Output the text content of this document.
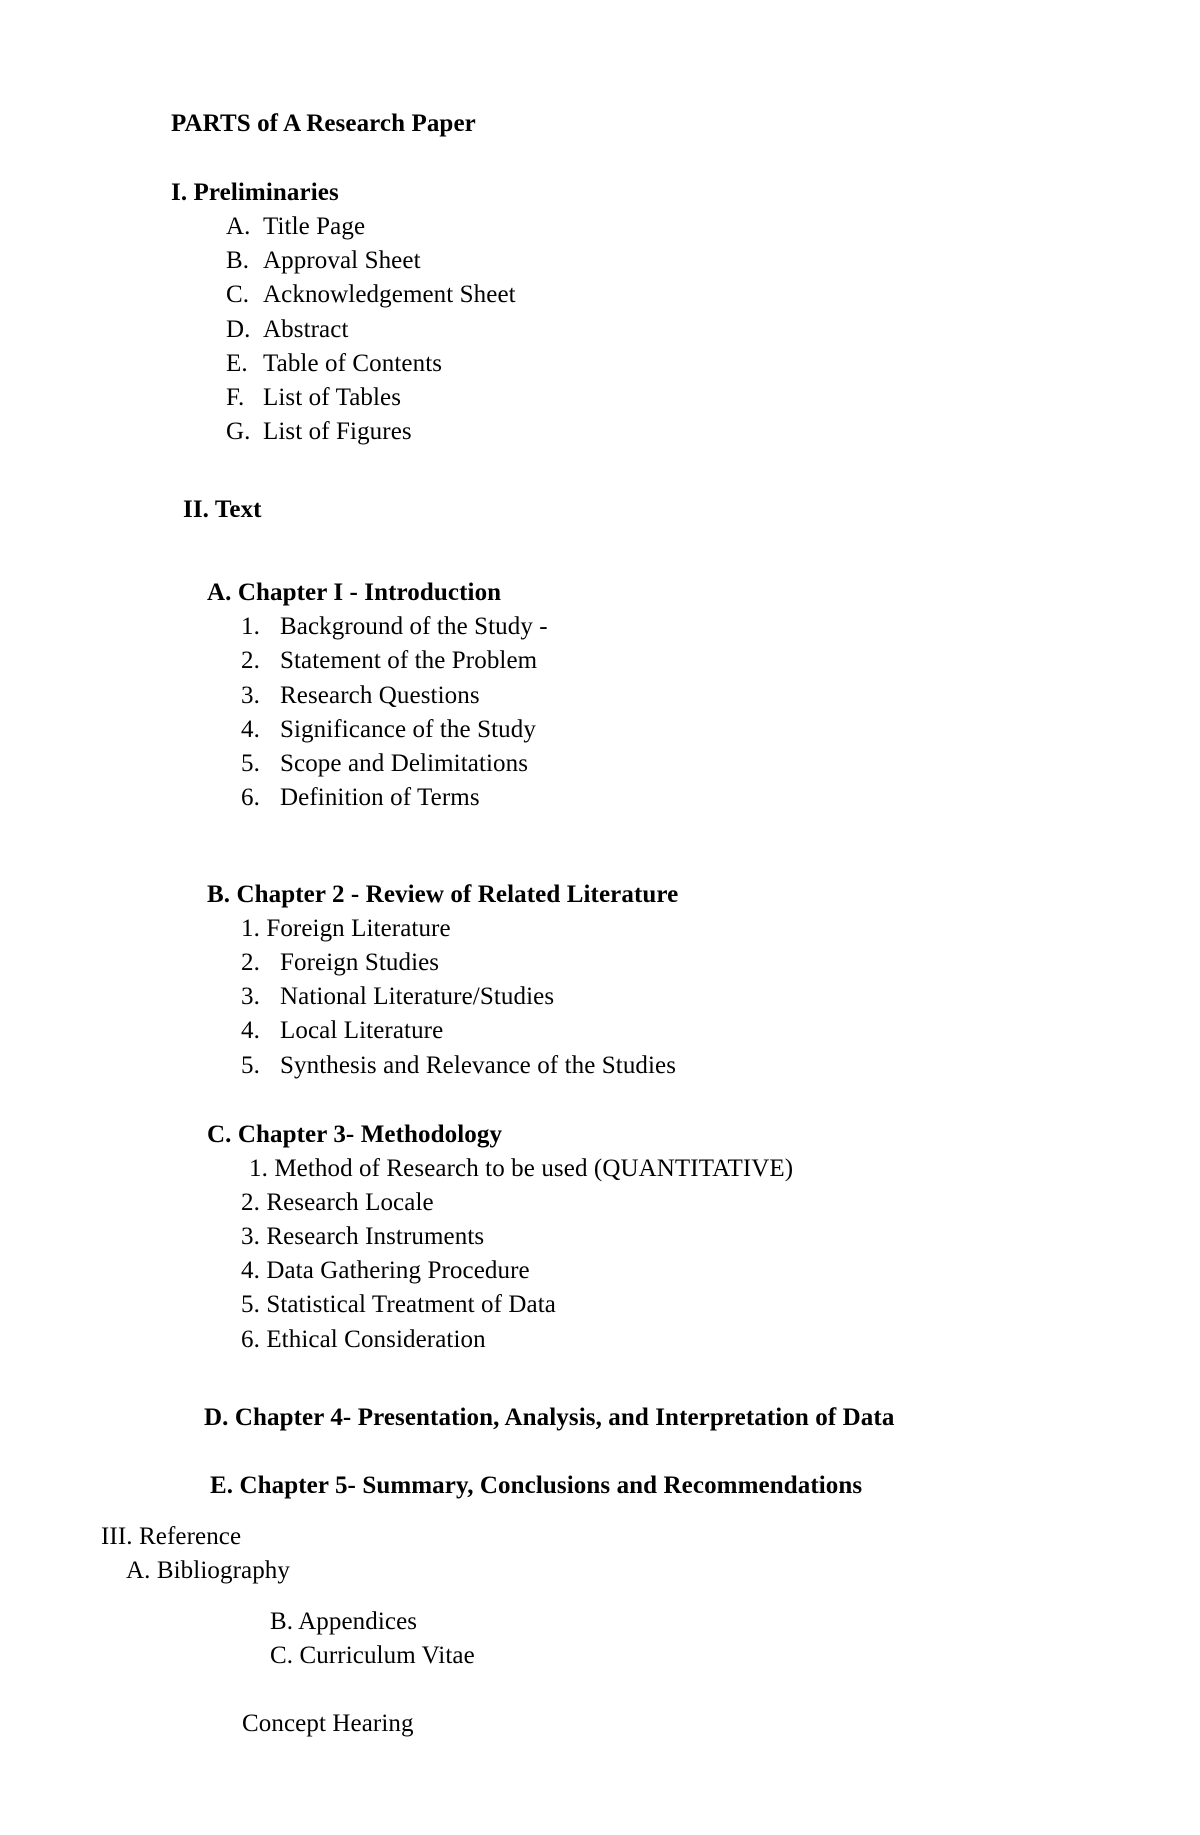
PARTS of A Research Paper
I. Preliminaries
A. Title Page
B. Approval Sheet
C. Acknowledgement Sheet
D. Abstract
E. Table of Contents
F. List of Tables
G. List of Figures
II. Text
A. Chapter I - Introduction
1. Background of the Study -
2. Statement of the Problem
3. Research Questions
4. Significance of the Study
5. Scope and Delimitations
6. Definition of Terms
B. Chapter 2 - Review of Related Literature
1. Foreign Literature
2. Foreign Studies
3. National Literature/Studies
4. Local Literature
5. Synthesis and Relevance of the Studies
C. Chapter 3- Methodology
1. Method of Research to be used (QUANTITATIVE)
2. Research Locale
3. Research Instruments
4. Data Gathering Procedure
5. Statistical Treatment of Data
6. Ethical Consideration
D. Chapter 4- Presentation, Analysis, and Interpretation of Data
E. Chapter 5- Summary, Conclusions and Recommendations
III. Reference
A. Bibliography
B. Appendices
C. Curriculum Vitae
Concept Hearing
